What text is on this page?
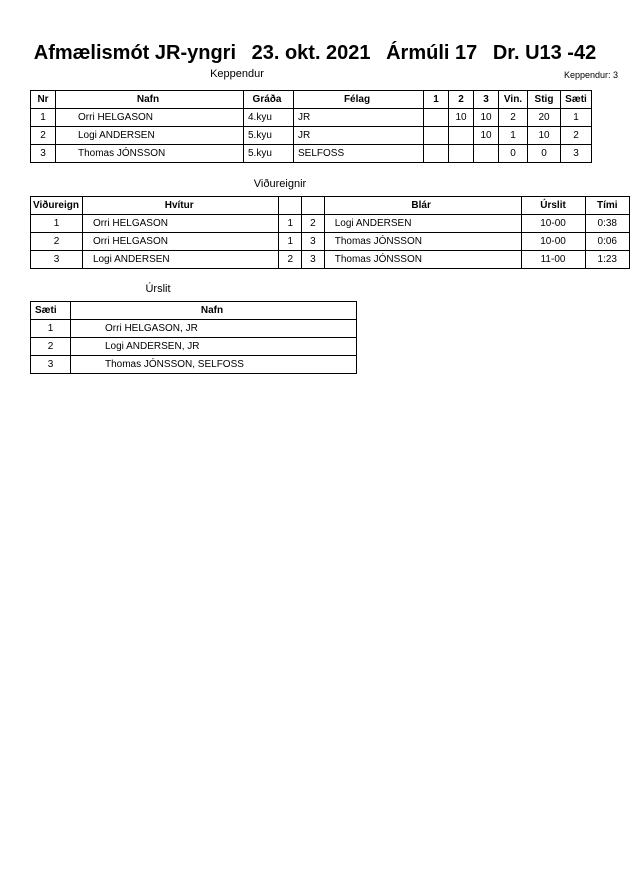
Afmælismót JR-yngri 23. okt. 2021 Ármúli 17 Dr. U13 -42
Keppendur	Keppendur: 3
Nr	Nafn	Gráða	Félag	1	2	3	Vin.	Stig	Sæti
1	Orri HELGASON	4.kyu	JR		10	10	2	20	1
2	Logi ANDERSEN	5.kyu	JR			10	1	10	2
3	Thomas JÓNSSON	5.kyu	SELFOSS				0	0	3
Viðureignir
Viðureign	Hvítur			Blár	Úrslit	Tími
1	Orri HELGASON	1	2	Logi ANDERSEN	10-00	0:38
2	Orri HELGASON	1	3	Thomas JÓNSSON	10-00	0:06
3	Logi ANDERSEN	2	3	Thomas JÓNSSON	11-00	1:23
Úrslit
Sæti	Nafn
1	Orri HELGASON, JR
2	Logi ANDERSEN, JR
3	Thomas JÓNSSON, SELFOSS
